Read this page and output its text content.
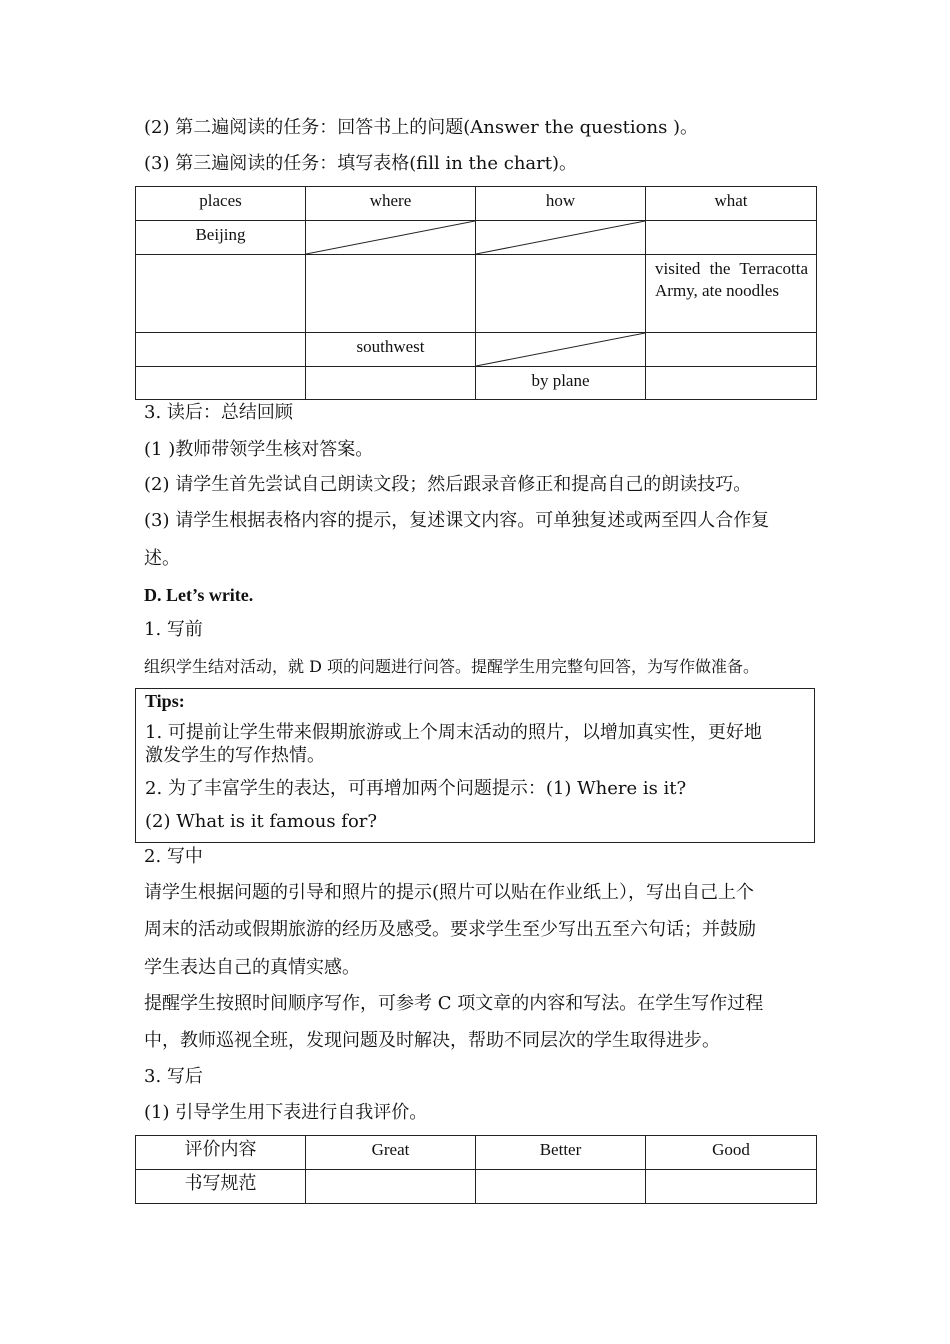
(2) 第二遍阅读的任务：回答书上的问题(Answer the questions )。
(3) 第三遍阅读的任务：填写表格(fill in the chart)。
places	where	how	what

Beijing

			visited the Terracotta Army, ate noodles

	southwest

		by plane	

3. 读后：总结回顾
(1 )教师带领学生核对答案。
(2) 请学生首先尝试自己朗读文段；然后跟录音修正和提高自己的朗读技巧。
(3) 请学生根据表格内容的提示，复述课文内容。可单独复述或两至四人合作复
述。
D. Let’s write.
1. 写前
组织学生结对活动，就 D 项的问题进行问答。提醒学生用完整句回答，为写作做准备。
Tips:
1. 可提前让学生带来假期旅游或上个周末活动的照片，以增加真实性，更好地
激发学生的写作热情。
2. 为了丰富学生的表达，可再增加两个问题提示：(1) Where is it?
(2) What is it famous for?
2. 写中
请学生根据问题的引导和照片的提示(照片可以贴在作业纸上），写出自己上个
周末的活动或假期旅游的经历及感受。要求学生至少写出五至六句话；并鼓励
学生表达自己的真情实感。
提醒学生按照时间顺序写作，可参考 C 项文章的内容和写法。在学生写作过程
中，教师巡视全班，发现问题及时解决，帮助不同层次的学生取得进步。
3. 写后
(1) 引导学生用下表进行自我评价。
评价内容	Great	Better	Good

书写规范			
